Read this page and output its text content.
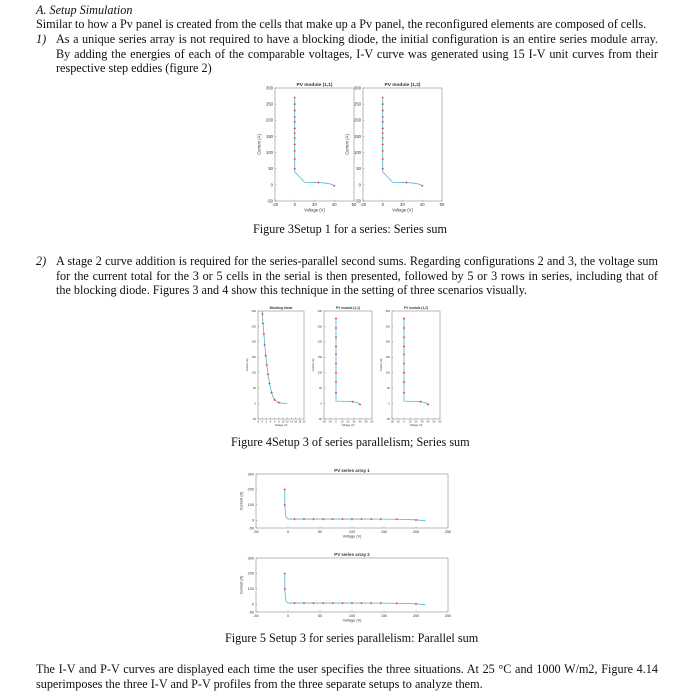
A. Setup Simulation
Similar to how a Pv panel is created from the cells that make up a Pv panel, the reconfigured elements are composed of cells.
1) As a unique series array is not required to have a blocking diode, the initial configuration is an entire series module array. By adding the energies of each of the comparable voltages, I-V curve was generated using 15 I-V unit curves from their respective step eddies (figure 2)
PV module (1,1)
-50
0
50
100
150
200
250
300
-20	0	20	40	60
Voltage (V)
Current (A)
PV module (1,2)
-50
0
50
100
150
200
250
300
-20	0	20	40	60
Voltage (V)
Current (A)
Figure 3Setup 1 for a series: Series sum
2) A stage 2 curve addition is required for the series-parallel second sums. Regarding configurations 2 and 3, the voltage sum for the current total for the 3 or 5 cells in the serial is then presented, followed by 5 or 3 rows in series, including that of the blocking diode. Figures 3 and 4 show this technique in the setting of three scenarios visually.
Blocking diode
-50
0
50
100
150
200
250
300
-2 0 2 4 6 8 10 12 14 16 18 20
Voltage (V)
Current (A)
PV module (1,1)
-50
0
50
100
150
200
250
300
-20 -10 0 10 20 30 40 50 60
Voltage (V)
Current (A)
PV module (1,2)
-50
0
50
100
150
200
250
300
-20 -10 0 10 20 30 40 50 60
Voltage (V)
Current (A)
Figure 4Setup 3 of series parallelism; Series sum
PV series array 1
-50
0
100
200
300
-50	0	50	100	150	200	250
Voltage (V)
Current (A)
PV series array 2
-50
0
100
200
300
-50	0	50	100	150	200	250
Voltage (V)
Current (A)
Figure 5 Setup 3 for series parallelism: Parallel sum
The I-V and P-V curves are displayed each time the user specifies the three situations. At 25 °C and 1000 W/m2, Figure 4.14 superimposes the three I-V and P-V profiles from the three separate setups to analyze them.
